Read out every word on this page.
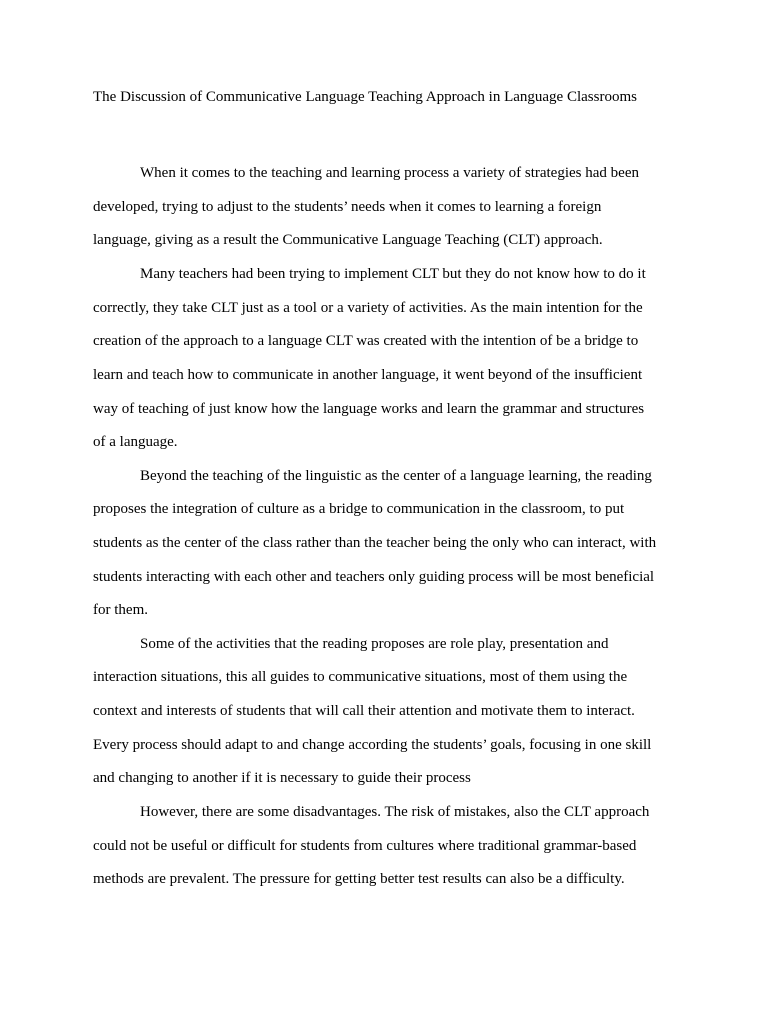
The Discussion of Communicative Language Teaching Approach in Language Classrooms
When it comes to the teaching and learning process a variety of strategies had been
developed, trying to adjust to the students’ needs when it comes to learning a foreign
language, giving as a result the Communicative Language Teaching (CLT) approach.
Many teachers had been trying to implement CLT but they do not know how to do it
correctly, they take CLT just as a tool or a variety of activities. As the main intention for the
creation of the approach to a language CLT was created with the intention of be a bridge to
learn and teach how to communicate in another language, it went beyond of the insufficient
way of teaching of just know how the language works and learn the grammar and structures
of a language.
Beyond the teaching of the linguistic as the center of a language learning, the reading
proposes the integration of culture as a bridge to communication in the classroom, to put
students as the center of the class rather than the teacher being the only who can interact, with
students interacting with each other and teachers only guiding process will be most beneficial
for them.
Some of the activities that the reading proposes are role play, presentation and
interaction situations, this all guides to communicative situations, most of them using the
context and interests of students that will call their attention and motivate them to interact.
Every process should adapt to and change according the students’ goals, focusing in one skill
and changing to another if it is necessary to guide their process
However, there are some disadvantages. The risk of mistakes, also the CLT approach
could not be useful or difficult for students from cultures where traditional grammar-based
methods are prevalent. The pressure for getting better test results can also be a difficulty.
